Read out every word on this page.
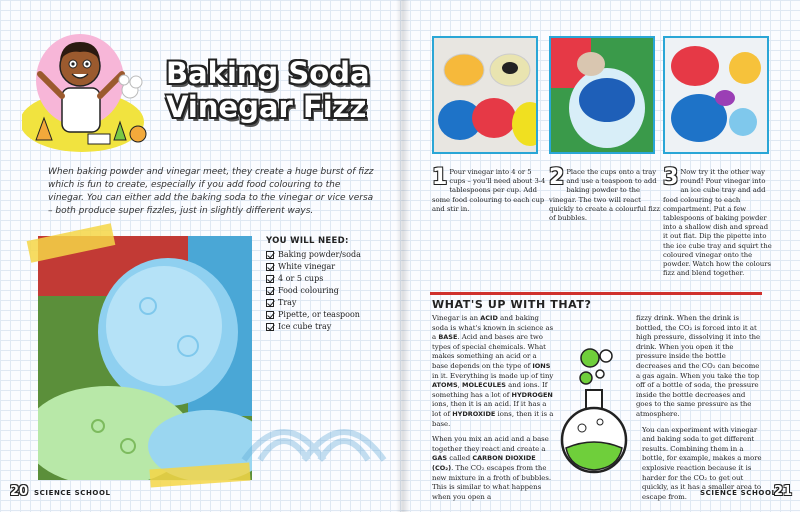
Baking Soda
Vinegar Fizz

When baking powder and vinegar meet, they create a huge burst of fizz which is fun to create, especially if you add food colouring to the vinegar. You can either add the baking soda to the vinegar or vice versa – both produce super fizzles, just in slightly different ways.

YOU WILL NEED:
Baking powder/soda
White vinegar
4 or 5 cups
Food colouring
Tray
Pipette, or teaspoon
Ice cube tray
20 SCIENCE SCHOOL
1 Pour vinegar into 4 or 5 cups – you'll need about 3-4 tablespoons per cup. Add some food colouring to each cup and stir in.
2 Place the cups onto a tray and use a teaspoon to add baking powder to the vinegar. The two will react quickly to create a colourful fizz of bubbles.
3 Now try it the other way round! Pour vinegar into an ice cube tray and add food colouring to each compartment. Put a few tablespoons of baking powder into a shallow dish and spread it out flat. Dip the pipette into the ice cube tray and squirt the coloured vinegar onto the powder. Watch how the colours fizz and blend together.
WHAT'S UP WITH THAT?

Vinegar is an ACID and baking soda is what's known in science as a BASE. Acid and bases are two types of special chemicals. What makes something an acid or a base depends on the type of IONS in it. Everything is made up of tiny ATOMS, MOLECULES and ions. If something has a lot of HYDROGEN ions, then it is an acid. If it has a lot of HYDROXIDE ions, then it is a base.

When you mix an acid and a base together they react and create a GAS called CARBON DIOXIDE (CO₂). The CO₂ escapes from the new mixture in a froth of bubbles. This is similar to what happens when you open a

fizzy drink. When the drink is bottled, the CO₂ is forced into it at high pressure, dissolving it into the drink. When you open it the pressure inside the bottle decreases and the CO₂ can become a gas again. When you take the top off of a bottle of soda, the pressure inside the bottle decreases and goes to the same pressure as the atmosphere.

You can experiment with vinegar and baking soda to get different results. Combining them in a bottle, for example, makes a more explosive reaction because it is harder for the CO₂ to get out quickly, as it has a smaller area to escape from.	SCIENCE SCHOOL
21
